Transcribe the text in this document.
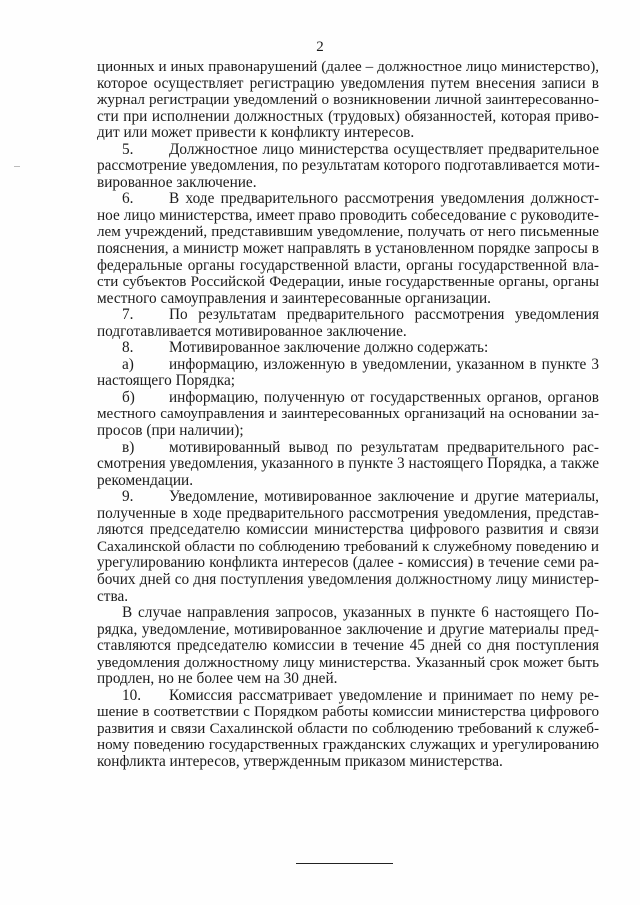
2
ционных и иных правонарушений (далее – должностное лицо министерство),
которое осуществляет регистрацию уведомления путем внесения записи в
журнал регистрации уведомлений о возникновении личной заинтересованно-
сти при исполнении должностных (трудовых) обязанностей, которая приво-
дит или может привести к конфликту интересов.
5. Должностное лицо министерства осуществляет предварительное
рассмотрение уведомления, по результатам которого подготавливается моти-
вированное заключение.
6. В ходе предварительного рассмотрения уведомления должност-
ное лицо министерства, имеет право проводить собеседование с руководите-
лем учреждений, представившим уведомление, получать от него письменные
пояснения, а министр может направлять в установленном порядке запросы в
федеральные органы государственной власти, органы государственной вла-
сти субъектов Российской Федерации, иные государственные органы, органы
местного самоуправления и заинтересованные организации.
7. По результатам предварительного рассмотрения уведомления
подготавливается мотивированное заключение.
8. Мотивированное заключение должно содержать:
а) информацию, изложенную в уведомлении, указанном в пункте 3
настоящего Порядка;
б) информацию, полученную от государственных органов, органов
местного самоуправления и заинтересованных организаций на основании за-
просов (при наличии);
в) мотивированный вывод по результатам предварительного рас-
смотрения уведомления, указанного в пункте 3 настоящего Порядка, а также
рекомендации.
9. Уведомление, мотивированное заключение и другие материалы,
полученные в ходе предварительного рассмотрения уведомления, представ-
ляются председателю комиссии министерства цифрового развития и связи
Сахалинской области по соблюдению требований к служебному поведению и
урегулированию конфликта интересов (далее - комиссия) в течение семи ра-
бочих дней со дня поступления уведомления должностному лицу министер-
ства.
В случае направления запросов, указанных в пункте 6 настоящего По-
рядка, уведомление, мотивированное заключение и другие материалы пред-
ставляются председателю комиссии в течение 45 дней со дня поступления
уведомления должностному лицу министерства. Указанный срок может быть
продлен, но не более чем на 30 дней.
10. Комиссия рассматривает уведомление и принимает по нему ре-
шение в соответствии с Порядком работы комиссии министерства цифрового
развития и связи Сахалинской области по соблюдению требований к служеб-
ному поведению государственных гражданских служащих и урегулированию
конфликта интересов, утвержденным приказом министерства.
